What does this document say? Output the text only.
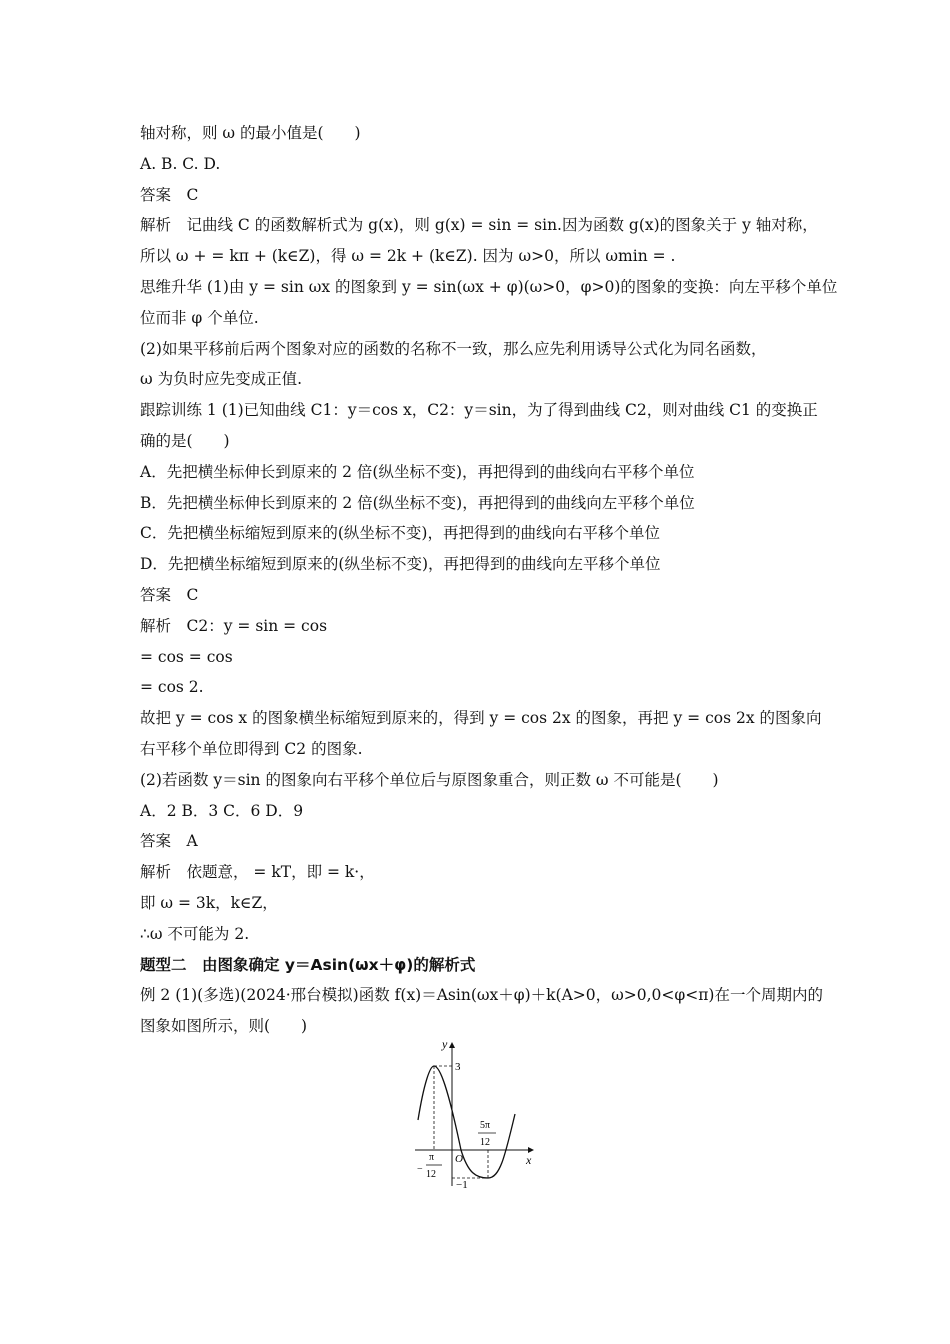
轴对称，则 ω 的最小值是(　　)
A. B. C. D.
答案　C
解析　记曲线 C 的函数解析式为 g(x)，则 g(x) = sin = sin.因为函数 g(x)的图象关于 y 轴对称，
所以 ω + = kπ + (k∈Z)，得 ω = 2k + (k∈Z). 因为 ω>0，所以 ωmin = .
思维升华 (1)由 y = sin ωx 的图象到 y = sin(ωx + φ)(ω>0，φ>0)的图象的变换：向左平移个单位
位而非 φ 个单位.
(2)如果平移前后两个图象对应的函数的名称不一致，那么应先利用诱导公式化为同名函数，
ω 为负时应先变成正值.
跟踪训练 1 (1)已知曲线 C1：y＝cos x，C2：y＝sin，为了得到曲线 C2，则对曲线 C1 的变换正
确的是(　　)
A．先把横坐标伸长到原来的 2 倍(纵坐标不变)，再把得到的曲线向右平移个单位
B．先把横坐标伸长到原来的 2 倍(纵坐标不变)，再把得到的曲线向左平移个单位
C．先把横坐标缩短到原来的(纵坐标不变)，再把得到的曲线向右平移个单位
D．先把横坐标缩短到原来的(纵坐标不变)，再把得到的曲线向左平移个单位
答案　C
解析　C2：y = sin = cos
= cos = cos
= cos 2.
故把 y = cos x 的图象横坐标缩短到原来的，得到 y = cos 2x 的图象，再把 y = cos 2x 的图象向
右平移个单位即得到 C2 的图象.
(2)若函数 y＝sin 的图象向右平移个单位后与原图象重合，则正数 ω 不可能是(　　)
A．2 B．3 C．6 D．9
答案　A
解析　依题意， = kT，即 = k·，
即 ω = 3k，k∈Z，
∴ω 不可能为 2.
题型二　由图象确定 y＝Asin(ωx＋φ)的解析式
例 2 (1)(多选)(2024·邢台模拟)函数 f(x)＝Asin(ωx＋φ)＋k(A>0，ω>0,0<φ<π)在一个周期内的
图象如图所示，则(　　)
y
x
O
3
−1
−
π
12
5π
12
